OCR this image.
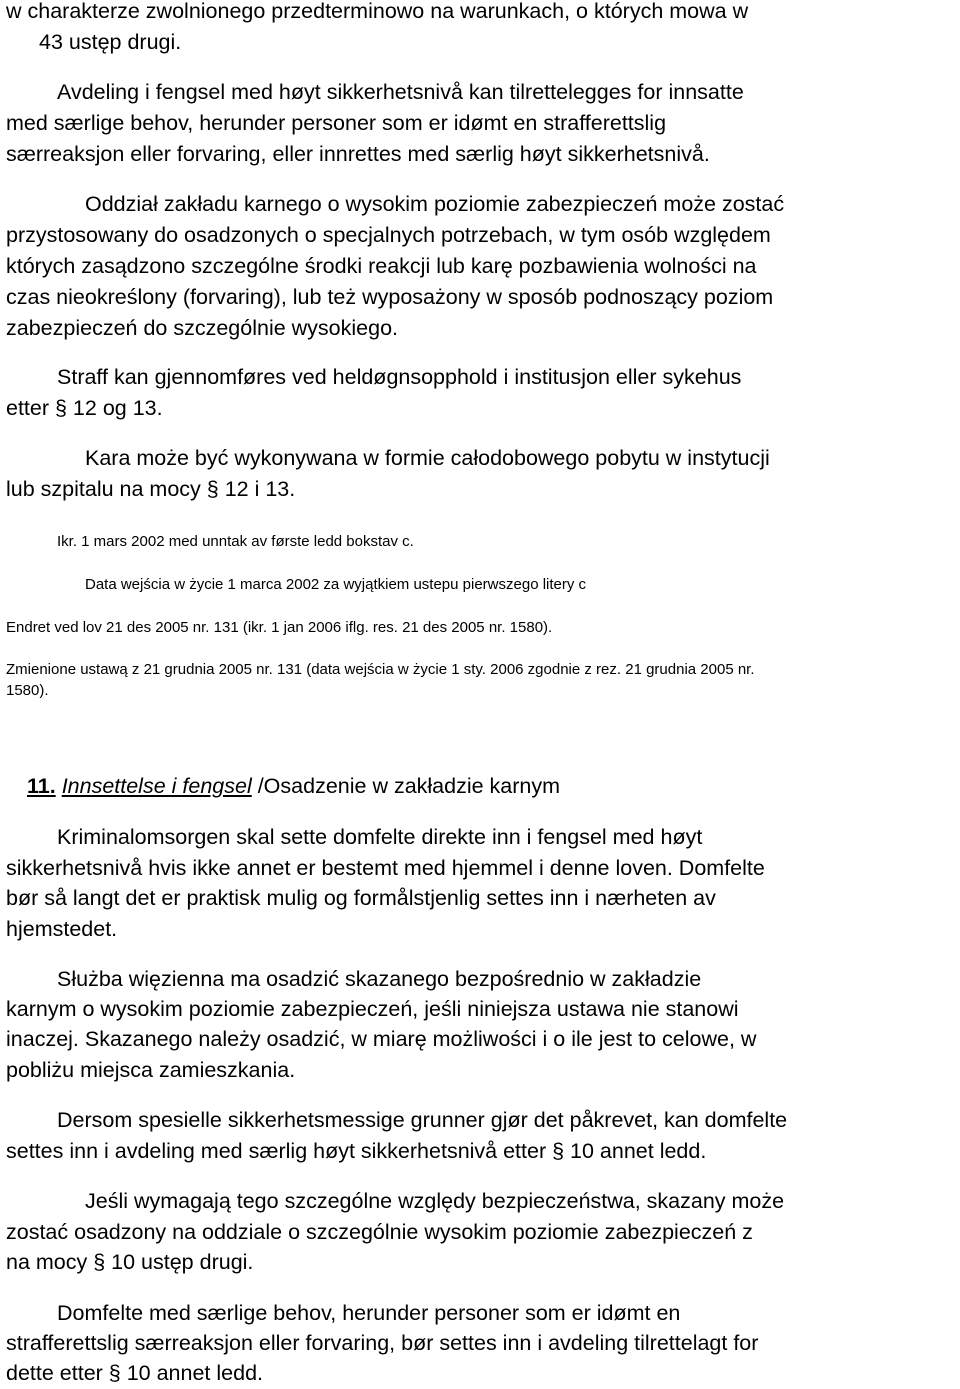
w charakterze zwolnionego przedterminowo na warunkach, o których mowa w
43 ustęp drugi.
Avdeling i fengsel med høyt sikkerhetsnivå kan tilrettelegges for innsatte
med særlige behov, herunder personer som er idømt en strafferettslig
særreaksjon eller forvaring, eller innrettes med særlig høyt sikkerhetsnivå.
Oddział zakładu karnego o wysokim poziomie zabezpieczeń może zostać
przystosowany do osadzonych o specjalnych potrzebach, w tym osób względem
których zasądzono szczególne środki reakcji lub karę pozbawienia wolności na
czas nieokreślony (forvaring), lub też wyposażony w sposób podnoszący poziom
zabezpieczeń do szczególnie wysokiego.
Straff kan gjennomføres ved heldøgnsopphold i institusjon eller sykehus
etter § 12 og 13.
Kara może być wykonywana w formie całodobowego pobytu w instytucji
lub szpitalu na mocy § 12 i 13.
Ikr. 1 mars 2002 med unntak av første ledd bokstav c.
Data wejścia w życie 1 marca 2002 za wyjątkiem ustepu pierwszego litery c
Endret ved lov 21 des 2005 nr. 131 (ikr. 1 jan 2006 iflg. res. 21 des 2005 nr. 1580).
Zmienione ustawą z 21 grudnia 2005 nr. 131 (data wejścia w życie 1 sty. 2006 zgodnie z rez. 21 grudnia 2005 nr.
1580).
11. Innsettelse i fengsel /Osadzenie w zakładzie karnym
Kriminalomsorgen skal sette domfelte direkte inn i fengsel med høyt
sikkerhetsnivå hvis ikke annet er bestemt med hjemmel i denne loven. Domfelte
bør så langt det er praktisk mulig og formålstjenlig settes inn i nærheten av
hjemstedet.
Służba więzienna ma osadzić skazanego bezpośrednio w zakładzie
karnym o wysokim poziomie zabezpieczeń, jeśli niniejsza ustawa nie stanowi
inaczej. Skazanego należy osadzić, w miarę możliwości i o ile jest to celowe, w
pobliżu miejsca zamieszkania.
Dersom spesielle sikkerhetsmessige grunner gjør det påkrevet, kan domfelte
settes inn i avdeling med særlig høyt sikkerhetsnivå etter § 10 annet ledd.
Jeśli wymagają tego szczególne względy bezpieczeństwa, skazany może
zostać osadzony na oddziale o szczególnie wysokim poziomie zabezpieczeń z
na mocy § 10 ustęp drugi.
Domfelte med særlige behov, herunder personer som er idømt en
strafferettslig særreaksjon eller forvaring, bør settes inn i avdeling tilrettelagt for
dette etter § 10 annet ledd.
